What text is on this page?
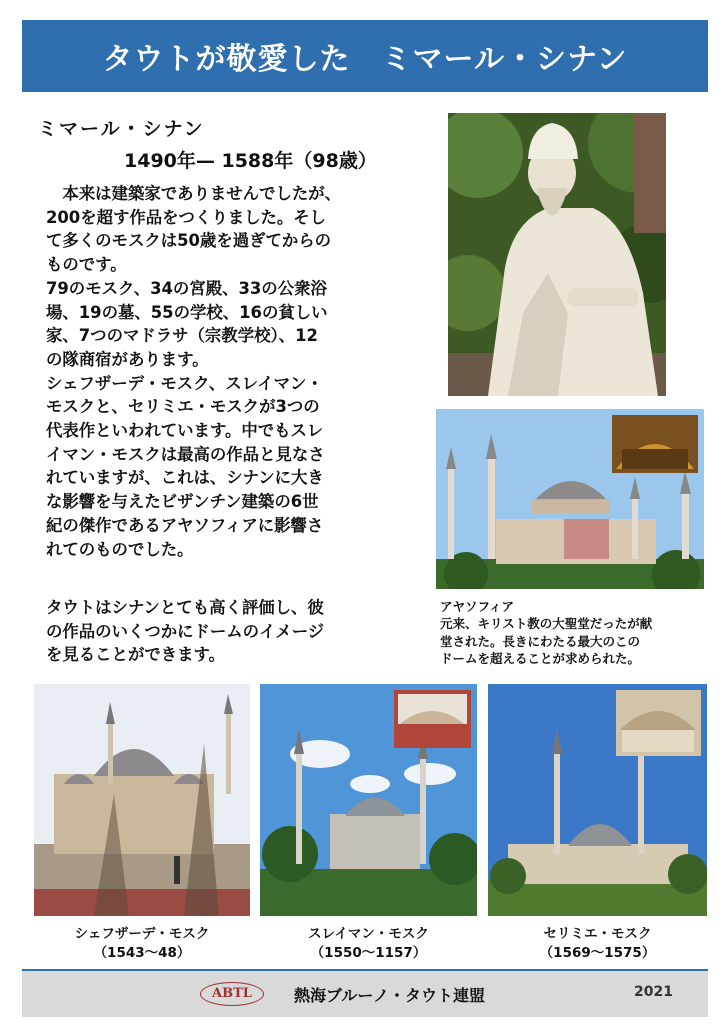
タウトが敬愛した　ミマール・シナン
ミマール・シナン
1490年— 1588年（98歳）

　本来は建築家でありませんでしたが、
200を超す作品をつくりました。そし
て多くのモスクは50歳を過ぎてからの
ものです。
79のモスク、34の宮殿、33の公衆浴
場、19の墓、55の学校、16の貧しい
家、7つのマドラサ（宗教学校）、12
の隊商宿があります。
シェフザーデ・モスク、スレイマン・
モスクと、セリミエ・モスクが3つの
代表作といわれています。中でもスレ
イマン・モスクは最高の作品と見なさ
れていますが、これは、シナンに大き
な影響を与えたビザンチン建築の6世
紀の傑作であるアヤソフィアに影響さ
れてのものでした。

タウトはシナンとても高く評価し、彼
の作品のいくつかにドームのイメージ
を見ることができます。

アヤソフィア

元来、キリスト教の大聖堂だったが献
堂された。長きにわたる最大のこの
ドームを超えることが求められた。

シェフザーデ・モスク
（1543〜48）
スレイマン・モスク
（1550〜1157）
セリミエ・モスク
（1569〜1575）
ABTL	熱海ブルーノ・タウト連盟	2021
